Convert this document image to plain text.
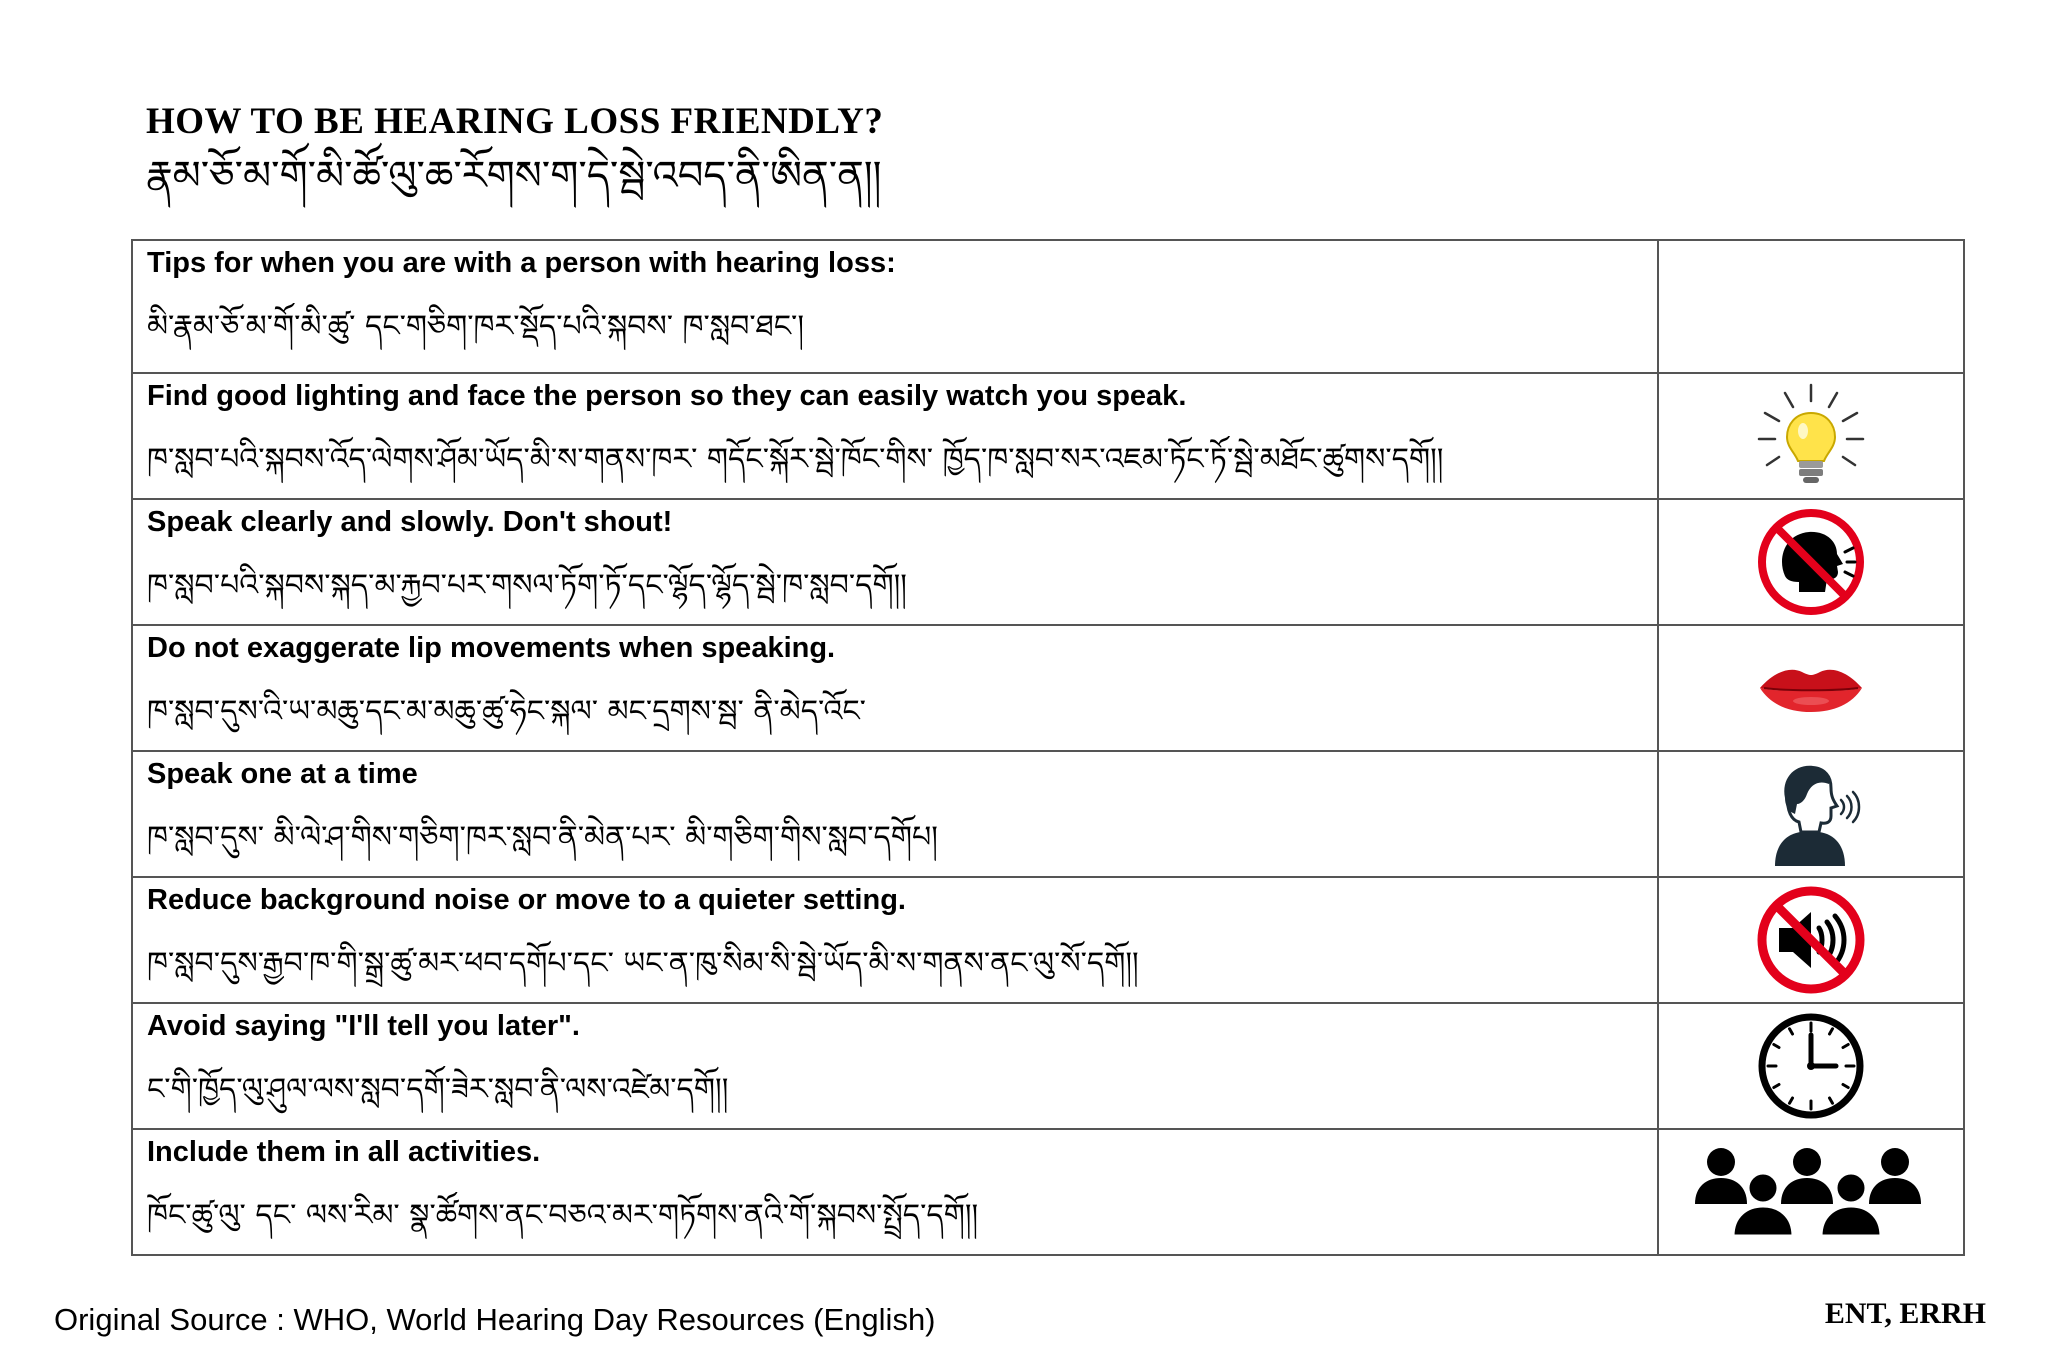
HOW TO BE HEARING LOSS FRIENDLY?
རྣམ་ཅོ་མ་གོ་མི་ཚོ་ལུ་ཆ་རོགས་ག་དེ་སྦེ་འབད་ནི་ཨིན་ན།།
Tips for when you are with a person with hearing loss:
མི་རྣམ་ཅོ་མ་གོ་མི་ཚུ་ དང་གཅིག་ཁར་སྡོད་པའི་སྐབས་ ཁ་སླབ་ཐང་།	

Find good lighting and face the person so they can easily watch you speak.
ཁ་སླབ་པའི་སྐབས་འོད་ལེགས་ཤོམ་ཡོད་མི་ས་གནས་ཁར་ གདོང་སྐོར་སྦེ་ཁོང་གིས་ ཁྱོད་ཁ་སླབ་སར་འཇམ་ཏོང་ཏོ་སྦེ་མཐོང་ཚུགས་དགོ།།

Speak clearly and slowly. Don't shout!
ཁ་སླབ་པའི་སྐབས་སྐད་མ་རྐྱབ་པར་གསལ་ཏོག་ཏོ་དང་ལྷོད་ལྷོད་སྦེ་ཁ་སླབ་དགོ།།

Do not exaggerate lip movements when speaking.
ཁ་སླབ་དུས་འི་ཡ་མཆུ་དང་མ་མཆུ་ཚུ་ཧེང་སྐལ་ མང་དྲགས་སྦ་ ནི་མེད་འོང་

Speak one at a time
ཁ་སླབ་དུས་ མི་ལེ་ཤ་གིས་གཅིག་ཁར་སླབ་ནི་མེན་པར་ མི་གཅིག་གིས་སླབ་དགོཔ།

Reduce background noise or move to a quieter setting.
ཁ་སླབ་དུས་རྒྱབ་ཁ་གི་སྒྲ་ཚུ་མར་ཕབ་དགོཔ་དང་ ཡང་ན་ཁུ་སིམ་སི་སྦེ་ཡོད་མི་ས་གནས་ནང་ལུ་སོ་དགོ།།

Avoid saying "I'll tell you later".
ང་གི་ཁྱོད་ལུ་ཤུལ་ལས་སླབ་དགོ་ཟེར་སླབ་ནི་ལས་འཛེམ་དགོ།།

Include them in all activities.
ཁོང་ཚུ་ལུ་ དང་ ལས་རིམ་ སྣ་ཚོགས་ནང་བཅའ་མར་གཏོགས་ནའི་གོ་སྐབས་སྤྲོད་དགོ།།

Original Source : WHO, World Hearing Day Resources (English)	ENT, ERRH
